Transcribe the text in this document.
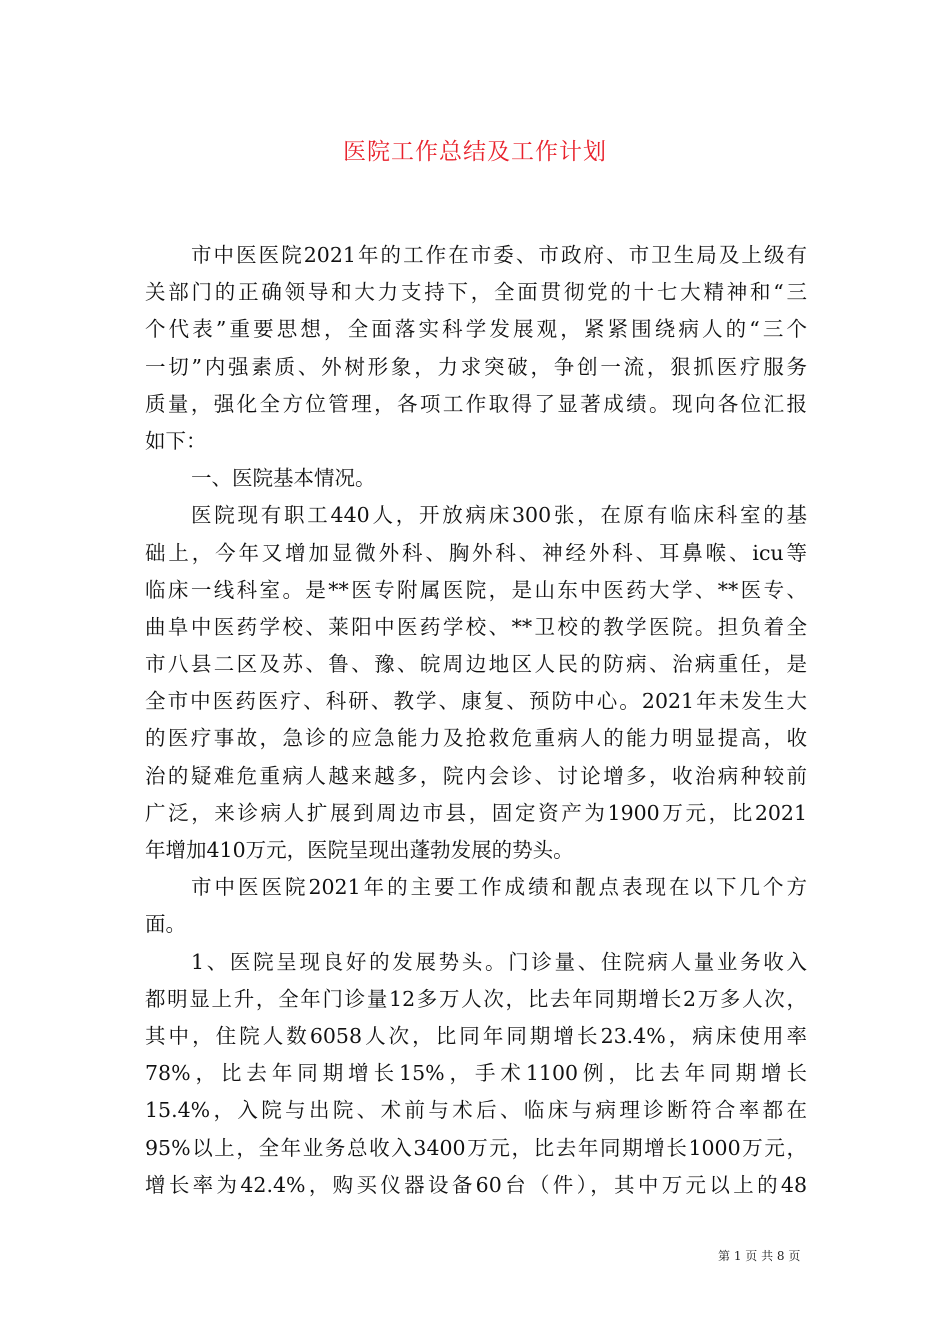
医院工作总结及工作计划
市中医医院2021年的工作在市委、市政府、市卫生局及上级有
关部门的正确领导和大力支持下，全面贯彻党的十七大精神和“三
个代表”重要思想，全面落实科学发展观，紧紧围绕病人的“三个
一切”内强素质、外树形象，力求突破，争创一流，狠抓医疗服务
质量，强化全方位管理，各项工作取得了显著成绩。现向各位汇报
如下：
一、医院基本情况。
医院现有职工440人，开放病床300张，在原有临床科室的基
础上，今年又增加显微外科、胸外科、神经外科、耳鼻喉、icu等
临床一线科室。是**医专附属医院，是山东中医药大学、**医专、
曲阜中医药学校、莱阳中医药学校、**卫校的教学医院。担负着全
市八县二区及苏、鲁、豫、皖周边地区人民的防病、治病重任，是
全市中医药医疗、科研、教学、康复、预防中心。2021年未发生大
的医疗事故，急诊的应急能力及抢救危重病人的能力明显提高，收
治的疑难危重病人越来越多，院内会诊、讨论增多，收治病种较前
广泛，来诊病人扩展到周边市县，固定资产为1900万元，比2021
年增加410万元，医院呈现出蓬勃发展的势头。
市中医医院2021年的主要工作成绩和靓点表现在以下几个方
面。
1、医院呈现良好的发展势头。门诊量、住院病人量业务收入
都明显上升，全年门诊量12多万人次，比去年同期增长2万多人次，
其中，住院人数6058人次，比同年同期增长23.4%，病床使用率
78%，比去年同期增长15%，手术1100例，比去年同期增长
15.4%，入院与出院、术前与术后、临床与病理诊断符合率都在
95%以上，全年业务总收入3400万元，比去年同期增长1000万元，
增长率为42.4%，购买仪器设备60台（件），其中万元以上的48
第 1 页 共 8 页
